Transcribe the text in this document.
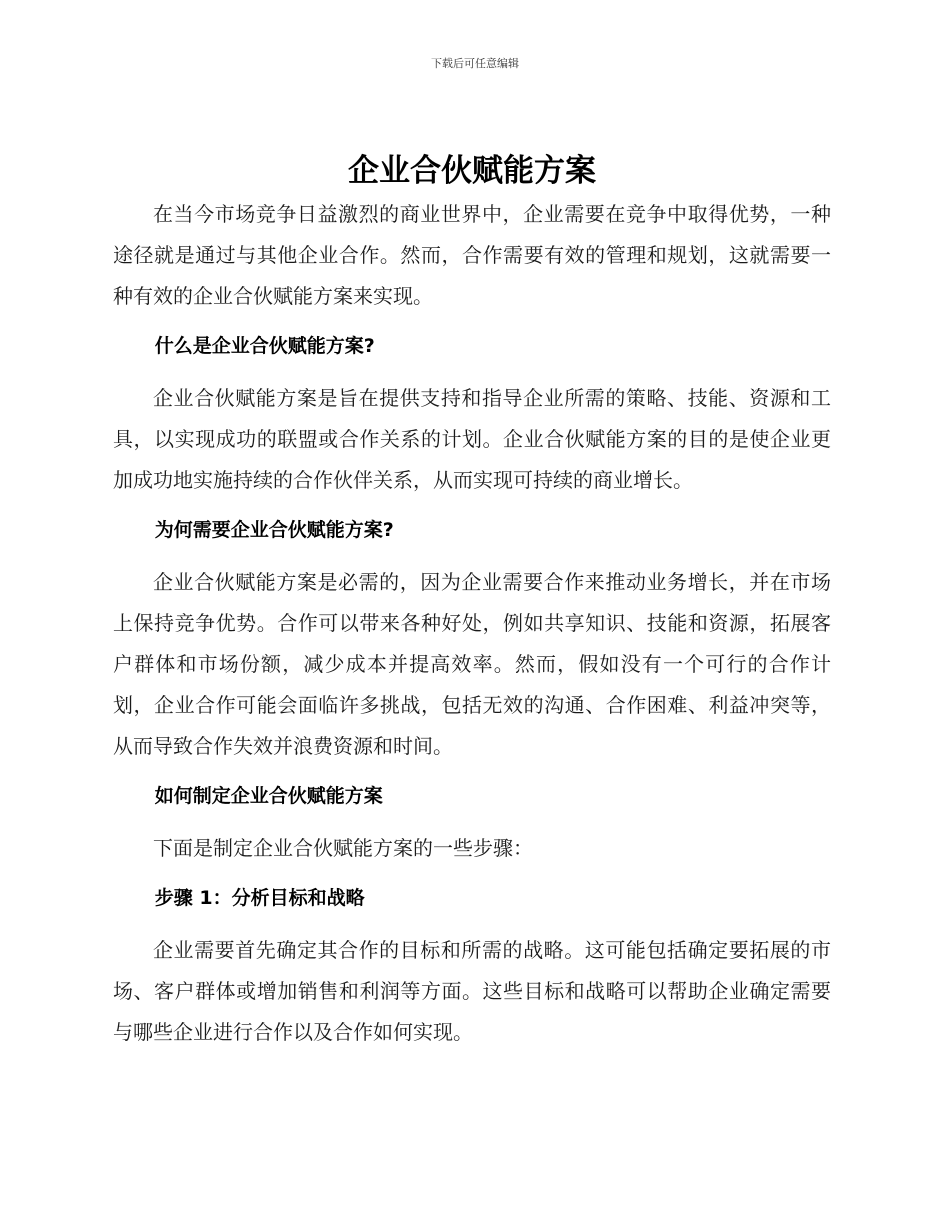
下载后可任意编辑
企业合伙赋能方案

在当今市场竞争日益激烈的商业世界中，企业需要在竞争中取得优势，一种途径就是通过与其他企业合作。然而，合作需要有效的管理和规划，这就需要一种有效的企业合伙赋能方案来实现。

什么是企业合伙赋能方案?

企业合伙赋能方案是旨在提供支持和指导企业所需的策略、技能、资源和工具，以实现成功的联盟或合作关系的计划。企业合伙赋能方案的目的是使企业更加成功地实施持续的合作伙伴关系，从而实现可持续的商业增长。

为何需要企业合伙赋能方案?

企业合伙赋能方案是必需的，因为企业需要合作来推动业务增长，并在市场上保持竞争优势。合作可以带来各种好处，例如共享知识、技能和资源，拓展客户群体和市场份额，减少成本并提高效率。然而，假如没有一个可行的合作计划，企业合作可能会面临许多挑战，包括无效的沟通、合作困难、利益冲突等，从而导致合作失效并浪费资源和时间。

如何制定企业合伙赋能方案

下面是制定企业合伙赋能方案的一些步骤：

步骤 1：分析目标和战略

企业需要首先确定其合作的目标和所需的战略。这可能包括确定要拓展的市场、客户群体或增加销售和利润等方面。这些目标和战略可以帮助企业确定需要与哪些企业进行合作以及合作如何实现。
